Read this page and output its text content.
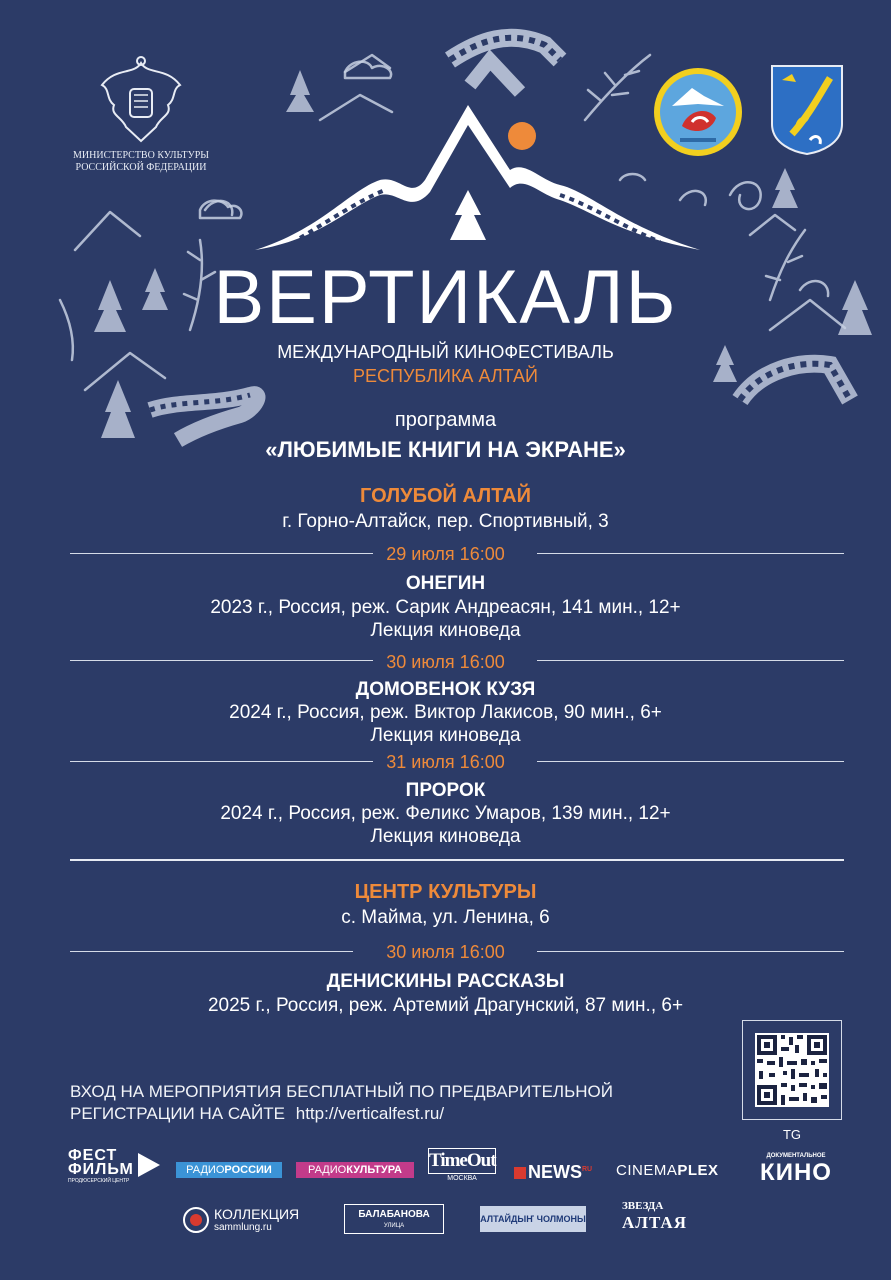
МИНИСТЕРСТВО КУЛЬТУРЫ
РОССИЙСКОЙ ФЕДЕРАЦИИ
ВЕРТИКАЛЬ
МЕЖДУНАРОДНЫЙ КИНОФЕСТИВАЛЬ
РЕСПУБЛИКА АЛТАЙ
программа
«ЛЮБИМЫЕ КНИГИ НА ЭКРАНЕ»
ГОЛУБОЙ АЛТАЙ
г. Горно-Алтайск, пер. Спортивный, 3
29 июля 16:00
ОНЕГИН
2023 г., Россия, реж. Сарик Андреасян, 141 мин., 12+
Лекция киноведа
30 июля 16:00
ДОМОВЕНОК КУЗЯ
2024 г., Россия, реж. Виктор Лакисов, 90 мин., 6+
Лекция киноведа
31 июля 16:00
ПРОРОК
2024 г., Россия, реж. Феликс Умаров, 139 мин., 12+
Лекция киноведа
ЦЕНТР КУЛЬТУРЫ
с. Майма, ул. Ленина, 6
30 июля 16:00
ДЕНИСКИНЫ РАССКАЗЫ
2025 г., Россия, реж. Артемий Драгунский, 87 мин., 6+
TG
ВХОД НА МЕРОПРИЯТИЯ БЕСПЛАТНЫЙ ПО ПРЕДВАРИТЕЛЬНОЙ
РЕГИСТРАЦИИ НА САЙТЕ http://verticalfest.ru/
ФЕСТ
ФИЛЬМ
ПРОДЮСЕРСКИЙ ЦЕНТР
РАДИОРОССИИ	РАДИОКУЛЬТУРА	TimeOut
МОСКВА	$NEWS^{RU}$	CINEMAPLEX
ДОКУМЕНТАЛЬНОЕ
КИНО
КОЛЛЕКЦИЯ
sammlung.ru
БАЛАБАНОВА
УЛИЦА
АЛТАЙДЫҤ ЧОЛМОНЫ
ЗВЕЗДА
АЛТАЯ
